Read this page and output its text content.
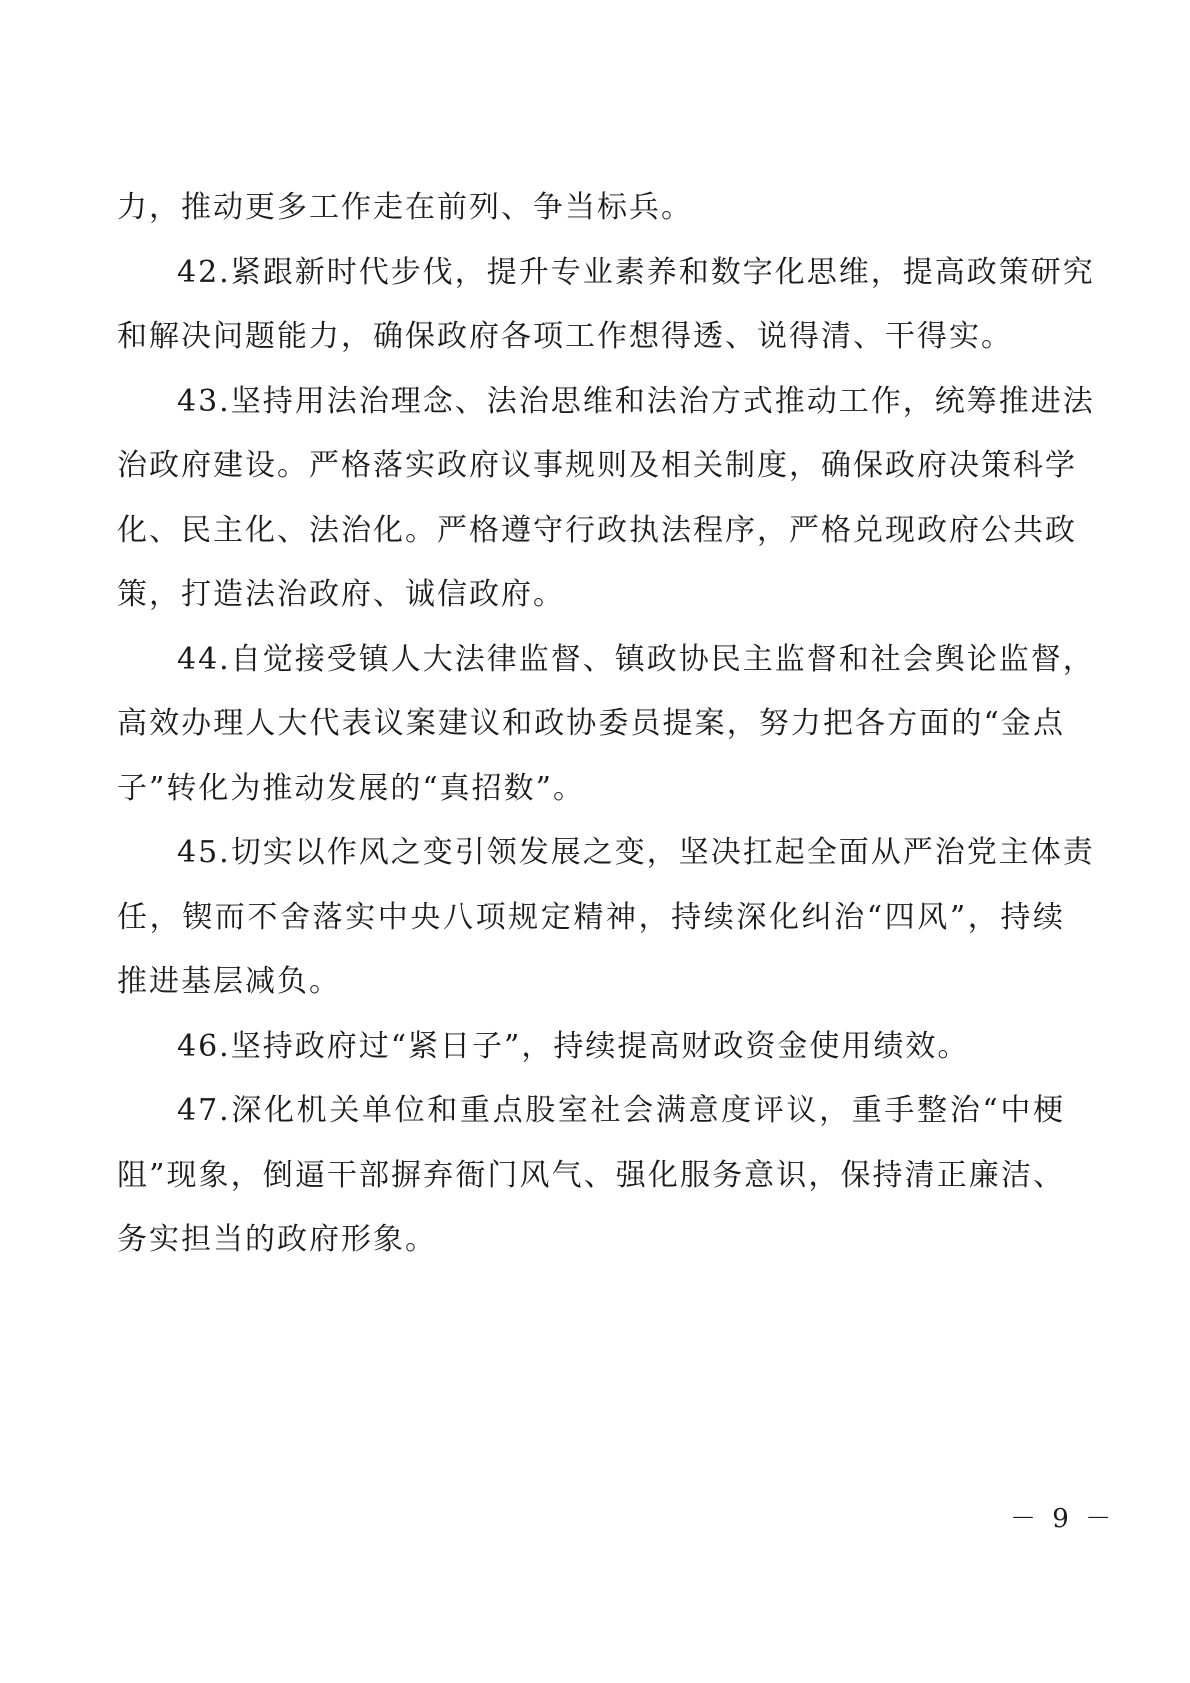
力，推动更多工作走在前列、争当标兵。
42.紧跟新时代步伐，提升专业素养和数字化思维，提高政策研究
和解决问题能力，确保政府各项工作想得透、说得清、干得实。
43.坚持用法治理念、法治思维和法治方式推动工作，统筹推进法
治政府建设。严格落实政府议事规则及相关制度，确保政府决策科学
化、民主化、法治化。严格遵守行政执法程序，严格兑现政府公共政
策，打造法治政府、诚信政府。
44.自觉接受镇人大法律监督、镇政协民主监督和社会舆论监督，
高效办理人大代表议案建议和政协委员提案，努力把各方面的“金点
子”转化为推动发展的“真招数”。
45.切实以作风之变引领发展之变，坚决扛起全面从严治党主体责
任，锲而不舍落实中央八项规定精神，持续深化纠治“四风”，持续
推进基层减负。
46.坚持政府过“紧日子”，持续提高财政资金使用绩效。
47.深化机关单位和重点股室社会满意度评议，重手整治“中梗
阻”现象，倒逼干部摒弃衙门风气、强化服务意识，保持清正廉洁、
务实担当的政府形象。
－ 9 －
